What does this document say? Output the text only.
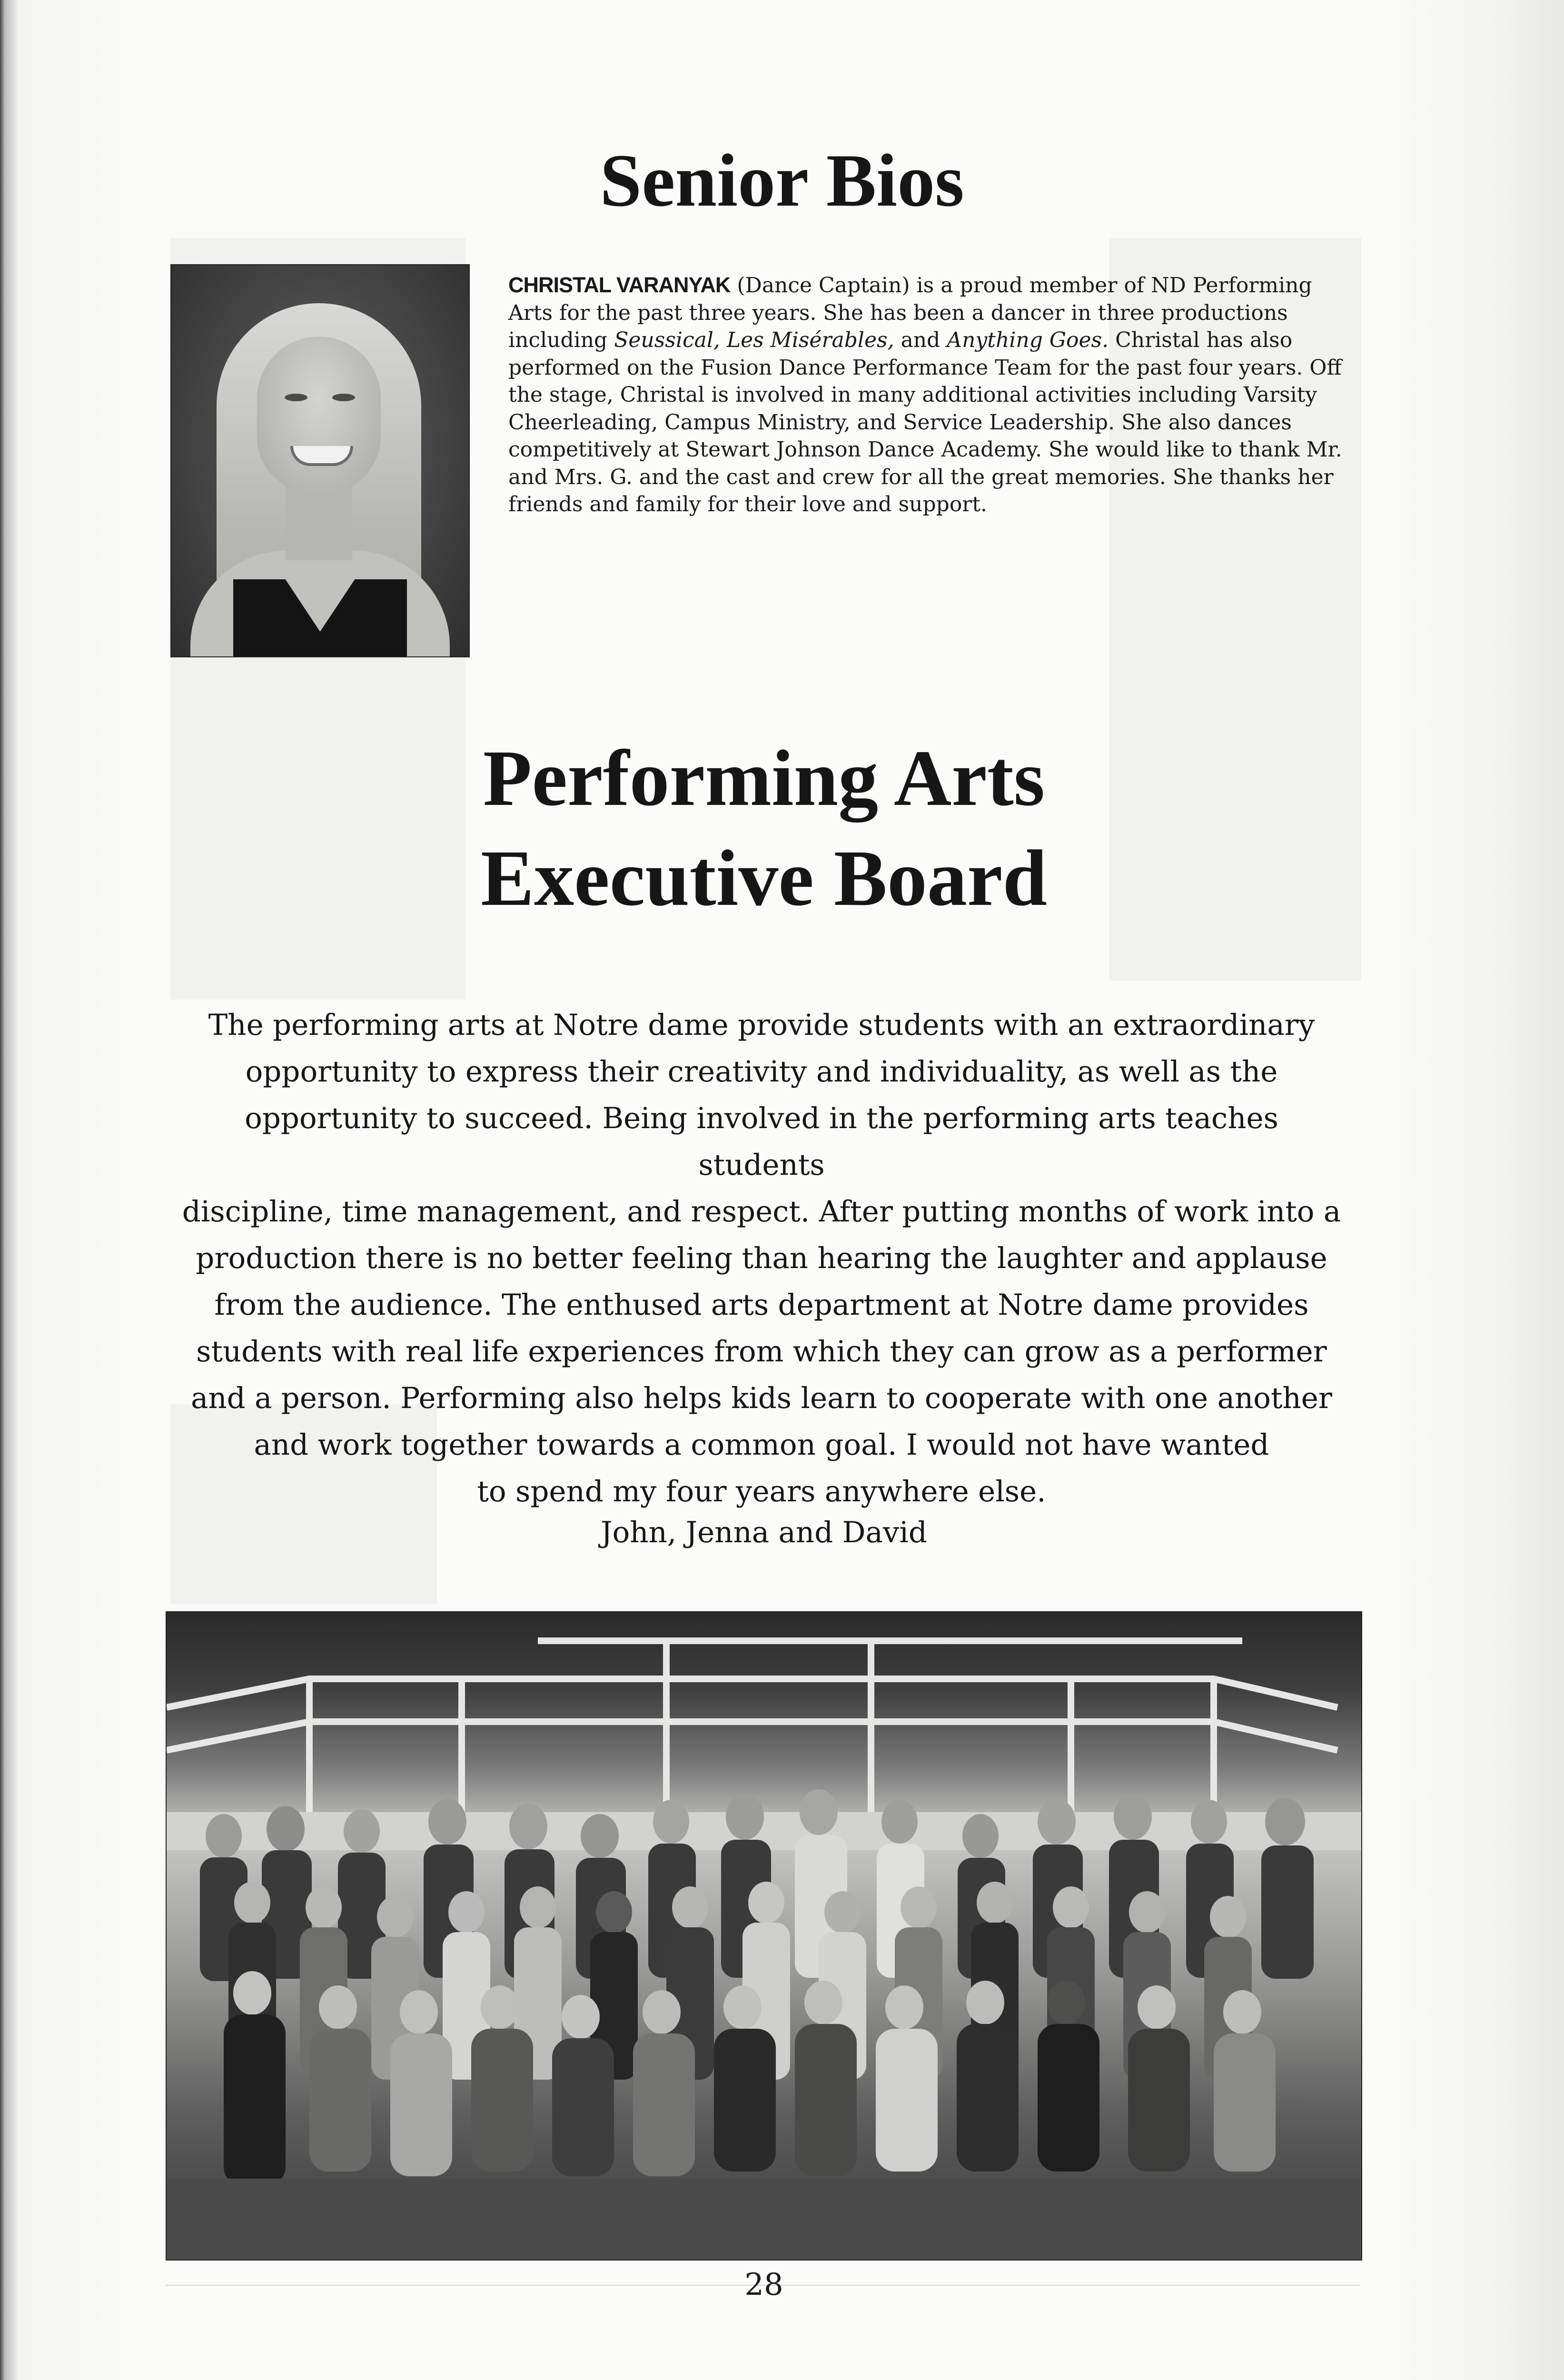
Senior Bios

CHRISTAL VARANYAK (Dance Captain) is a proud member of ND Performing Arts for the past three years. She has been a dancer in three productions including Seussical, Les Misérables, and Anything Goes. Christal has also performed on the Fusion Dance Performance Team for the past four years. Off the stage, Christal is involved in many additional activities including Varsity Cheerleading, Campus Ministry, and Service Leadership. She also dances competitively at Stewart Johnson Dance Academy. She would like to thank Mr. and Mrs. G. and the cast and crew for all the great memories. She thanks her friends and family for their love and support.

Performing Arts
Executive Board

The performing arts at Notre dame provide students with an extraordinary
opportunity to express their creativity and individuality, as well as the
opportunity to succeed. Being involved in the performing arts teaches students
discipline, time management, and respect. After putting months of work into a
production there is no better feeling than hearing the laughter and applause
from the audience. The enthused arts department at Notre dame provides
students with real life experiences from which they can grow as a performer
and a person. Performing also helps kids learn to cooperate with one another
and work together towards a common goal. I would not have wanted
to spend my four years anywhere else.

John, Jenna and David

28
